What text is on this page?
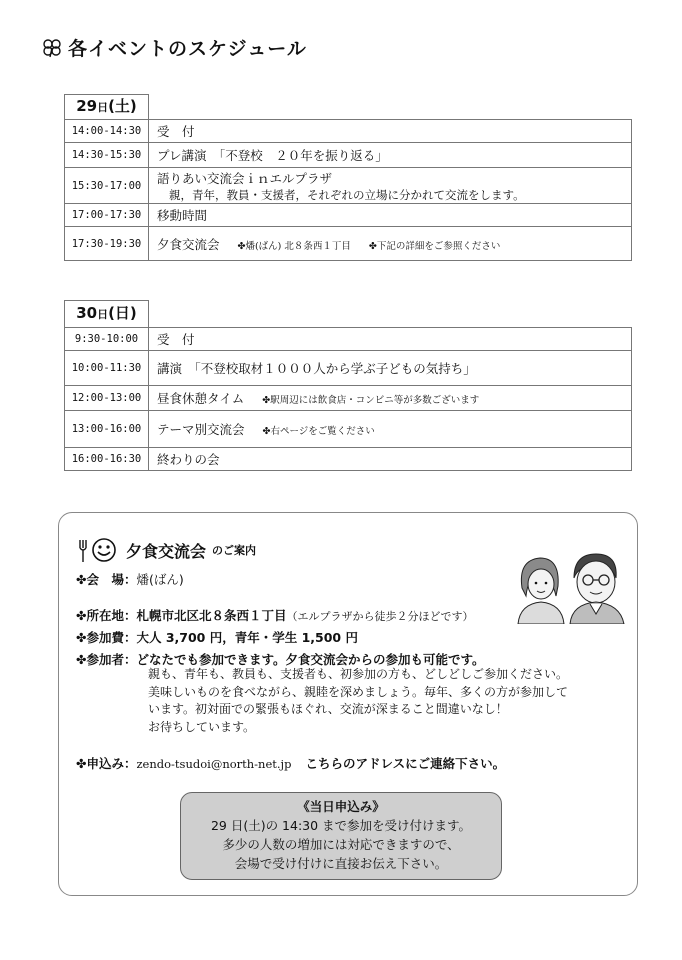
各イベントのスケジュール
29日(土)	
14:00-14:30	受　付
14:30-15:30	プレ講演　「不登校　２０年を振り返る」
15:30-17:00	語りあい交流会ｉｎエルプラザ
親，青年，教員・支援者，それぞれの立場に分かれて交流をします。

17:00-17:30	移動時間
17:30-19:30	夕食交流会 ✤燔(ばん) 北８条西１丁目 ✤下記の詳細をご参照ください
30日(日)	
9:30-10:00	受　付
10:00-11:30	講演　「不登校取材１０００人から学ぶ子どもの気持ち」
12:00-13:00	昼食休憩タイム ✤駅周辺には飲食店・コンビニ等が多数ございます
13:00-16:00	テーマ別交流会 ✤右ページをご覧ください
16:00-16:30	終わりの会
夕食交流会 のご案内
✤会　場：燔(ばん)
✤所在地：札幌市北区北８条西１丁目（エルプラザから徒歩２分ほどです）
✤参加費：大人 3,700 円，青年・学生 1,500 円
✤参加者：どなたでも参加できます。夕食交流会からの参加も可能です。
親も、青年も、教員も、支援者も、初参加の方も、どしどしご参加ください。
美味しいものを食べながら、親睦を深めましょう。毎年、多くの方が参加して
います。初対面での緊張もほぐれ、交流が深まること間違いなし！
お待ちしています。
✤申込み：zendo-tsudoi@north-net.jp こちらのアドレスにご連絡下さい。
《当日申込み》
29 日(土)の 14:30 まで参加を受け付けます。
多少の人数の増加には対応できますので、
会場で受け付けに直接お伝え下さい。
